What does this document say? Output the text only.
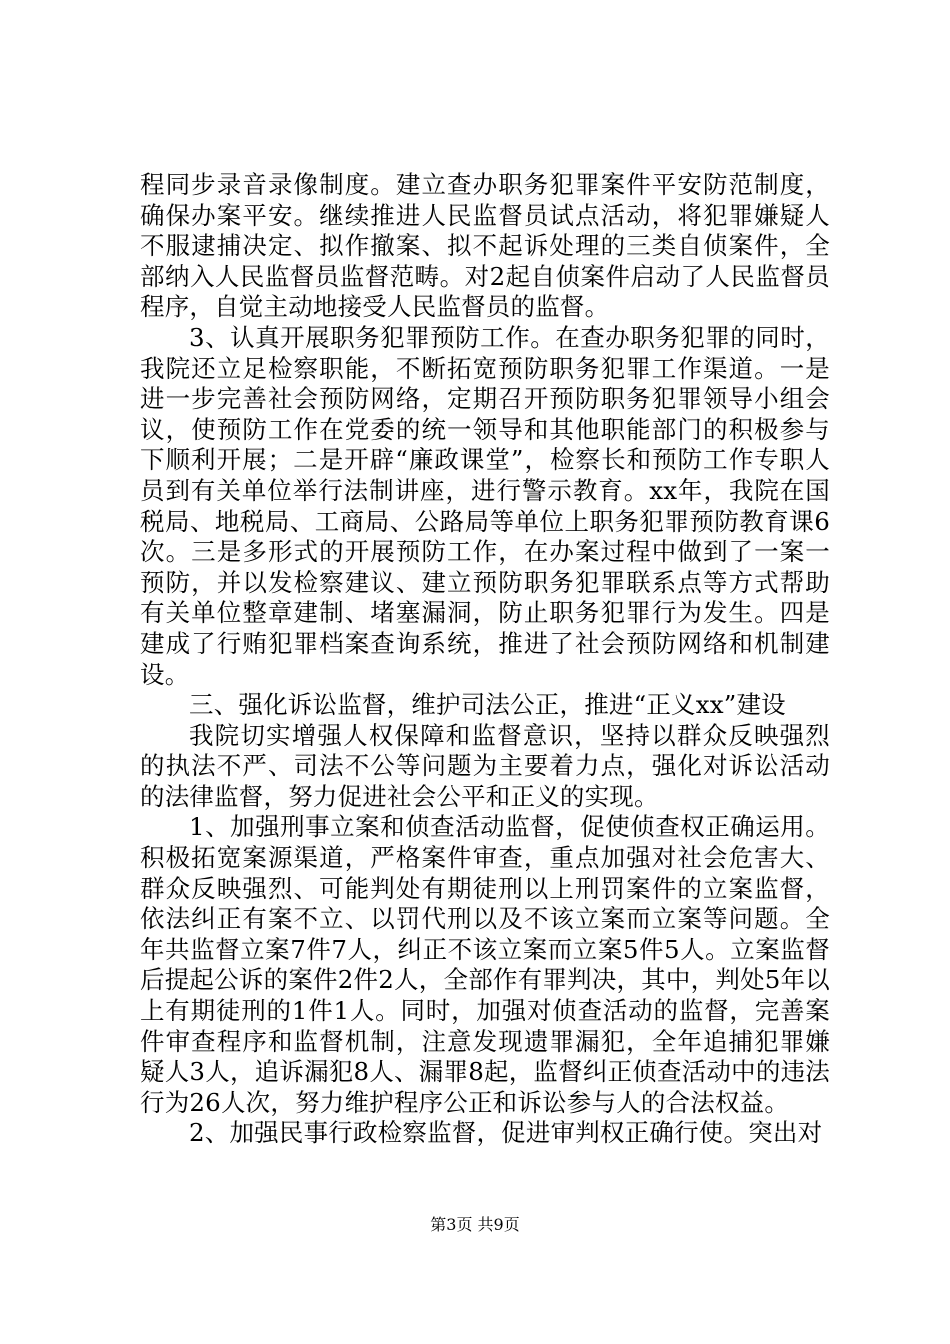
程同步录音录像制度。建立查办职务犯罪案件平安防范制度，确保办案平安。继续推进人民监督员试点活动，将犯罪嫌疑人不服逮捕决定、拟作撤案、拟不起诉处理的三类自侦案件，全部纳入人民监督员监督范畴。对2起自侦案件启动了人民监督员程序，自觉主动地接受人民监督员的监督。

3、认真开展职务犯罪预防工作。在查办职务犯罪的同时，我院还立足检察职能，不断拓宽预防职务犯罪工作渠道。一是进一步完善社会预防网络，定期召开预防职务犯罪领导小组会议，使预防工作在党委的统一领导和其他职能部门的积极参与下顺利开展；二是开辟“廉政课堂”，检察长和预防工作专职人员到有关单位举行法制讲座，进行警示教育。xx年，我院在国税局、地税局、工商局、公路局等单位上职务犯罪预防教育课6次。三是多形式的开展预防工作，在办案过程中做到了一案一预防，并以发检察建议、建立预防职务犯罪联系点等方式帮助有关单位整章建制、堵塞漏洞，防止职务犯罪行为发生。四是建成了行贿犯罪档案查询系统，推进了社会预防网络和机制建设。

三、强化诉讼监督，维护司法公正，推进“正义xx”建设

我院切实增强人权保障和监督意识，坚持以群众反映强烈的执法不严、司法不公等问题为主要着力点，强化对诉讼活动的法律监督，努力促进社会公平和正义的实现。

1、加强刑事立案和侦查活动监督，促使侦查权正确运用。积极拓宽案源渠道，严格案件审查，重点加强对社会危害大、群众反映强烈、可能判处有期徒刑以上刑罚案件的立案监督，依法纠正有案不立、以罚代刑以及不该立案而立案等问题。全年共监督立案7件7人，纠正不该立案而立案5件5人。立案监督后提起公诉的案件2件2人，全部作有罪判决，其中，判处5年以上有期徒刑的1件1人。同时，加强对侦查活动的监督，完善案件审查程序和监督机制，注意发现遗罪漏犯，全年追捕犯罪嫌疑人3人，追诉漏犯8人、漏罪8起，监督纠正侦查活动中的违法行为26人次，努力维护程序公正和诉讼参与人的合法权益。

2、加强民事行政检察监督，促进审判权正确行使。突出对

第3页 共9页
